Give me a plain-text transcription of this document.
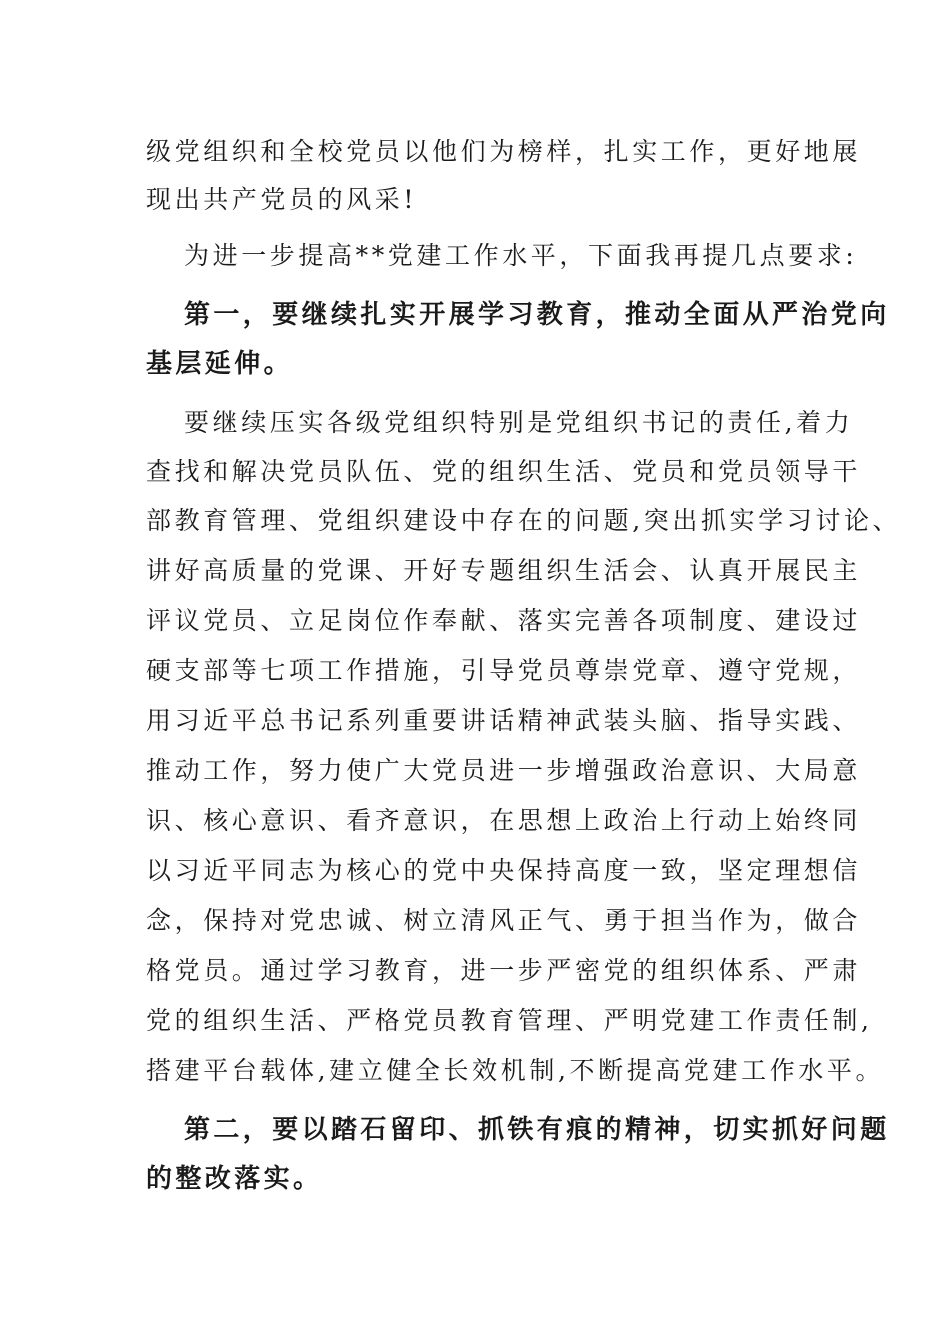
级党组织和全校党员以他们为榜样，扎实工作，更好地展
现出共产党员的风采!
为进一步提高**党建工作水平，下面我再提几点要求:
第一，要继续扎实开展学习教育，推动全面从严治党向
基层延伸。
要继续压实各级党组织特别是党组织书记的责任,着力
查找和解决党员队伍、党的组织生活、党员和党员领导干
部教育管理、党组织建设中存在的问题,突出抓实学习讨论、
讲好高质量的党课、开好专题组织生活会、认真开展民主
评议党员、立足岗位作奉献、落实完善各项制度、建设过
硬支部等七项工作措施，引导党员尊崇党章、遵守党规，
用习近平总书记系列重要讲话精神武装头脑、指导实践、
推动工作，努力使广大党员进一步增强政治意识、大局意
识、核心意识、看齐意识，在思想上政治上行动上始终同
以习近平同志为核心的党中央保持高度一致，坚定理想信
念，保持对党忠诚、树立清风正气、勇于担当作为，做合
格党员。通过学习教育，进一步严密党的组织体系、严肃
党的组织生活、严格党员教育管理、严明党建工作责任制,
搭建平台载体,建立健全长效机制,不断提高党建工作水平。
第二，要以踏石留印、抓铁有痕的精神，切实抓好问题
的整改落实。
